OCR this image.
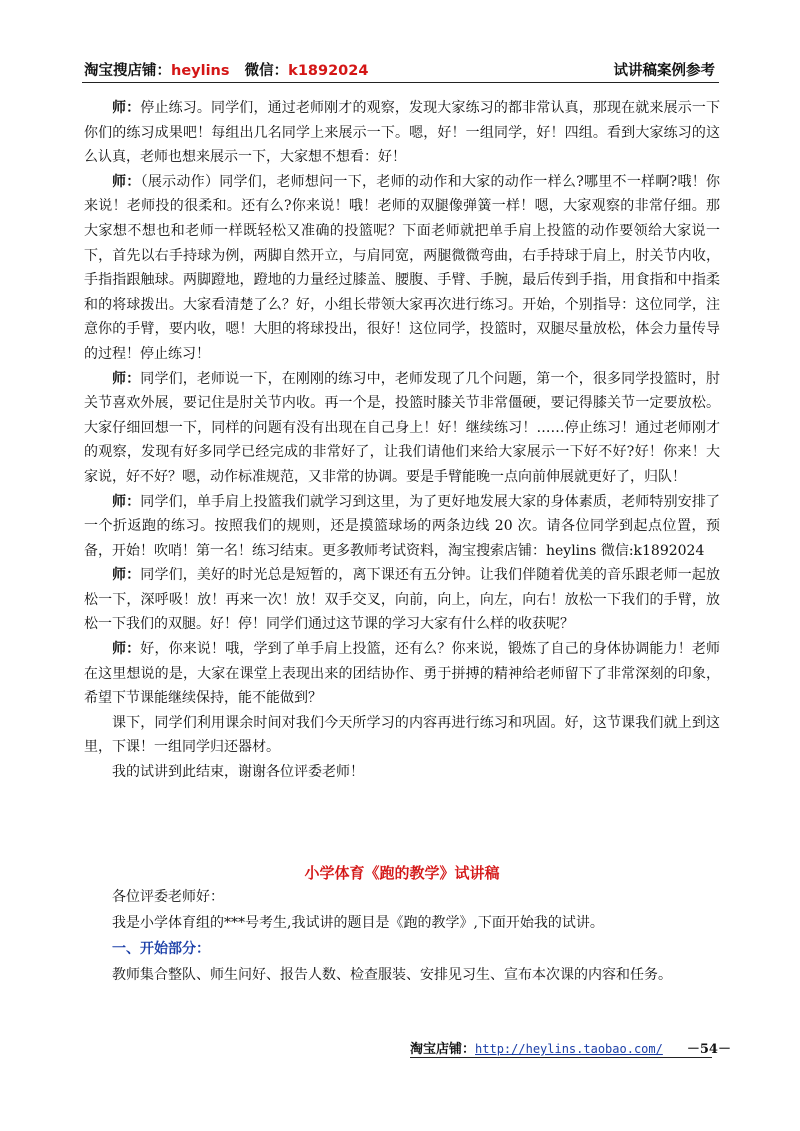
淘宝搜店铺：heylins 微信：k1892024	试讲稿案例参考

师：停止练习。同学们，通过老师刚才的观察，发现大家练习的都非常认真，那现在就来展示一下你们的练习成果吧！每组出几名同学上来展示一下。嗯，好！一组同学，好！四组。看到大家练习的这么认真，老师也想来展示一下，大家想不想看：好！

师：（展示动作）同学们，老师想问一下，老师的动作和大家的动作一样么?哪里不一样啊?哦！你来说！老师投的很柔和。还有么?你来说！哦！老师的双腿像弹簧一样！嗯，大家观察的非常仔细。那大家想不想也和老师一样既轻松又准确的投篮呢？下面老师就把单手肩上投篮的动作要领给大家说一下，首先以右手持球为例，两脚自然开立，与肩同宽，两腿微微弯曲，右手持球于肩上，肘关节内收，手指指跟触球。两脚蹬地，蹬地的力量经过膝盖、腰腹、手臂、手腕，最后传到手指，用食指和中指柔和的将球拨出。大家看清楚了么？好，小组长带领大家再次进行练习。开始，个别指导：这位同学，注意你的手臂，要内收，嗯！大胆的将球投出，很好！这位同学，投篮时，双腿尽量放松，体会力量传导的过程！停止练习！

师：同学们，老师说一下，在刚刚的练习中，老师发现了几个问题，第一个，很多同学投篮时，肘关节喜欢外展，要记住是肘关节内收。再一个是，投篮时膝关节非常僵硬，要记得膝关节一定要放松。大家仔细回想一下，同样的问题有没有出现在自己身上！好！继续练习！……停止练习！通过老师刚才的观察，发现有好多同学已经完成的非常好了，让我们请他们来给大家展示一下好不好?好！你来！大家说，好不好？嗯，动作标准规范，又非常的协调。要是手臂能晚一点向前伸展就更好了，归队！

师：同学们，单手肩上投篮我们就学习到这里，为了更好地发展大家的身体素质，老师特别安排了一个折返跑的练习。按照我们的规则，还是摸篮球场的两条边线 20 次。请各位同学到起点位置，预备，开始！吹哨！第一名！练习结束。更多教师考试资料，淘宝搜索店铺：heylins 微信:k1892024

师：同学们，美好的时光总是短暂的，离下课还有五分钟。让我们伴随着优美的音乐跟老师一起放松一下，深呼吸！放！再来一次！放！双手交叉，向前，向上，向左，向右！放松一下我们的手臂，放松一下我们的双腿。好！停！同学们通过这节课的学习大家有什么样的收获呢？

师：好，你来说！哦，学到了单手肩上投篮，还有么？你来说，锻炼了自己的身体协调能力！老师在这里想说的是，大家在课堂上表现出来的团结协作、勇于拼搏的精神给老师留下了非常深刻的印象，希望下节课能继续保持，能不能做到？

课下，同学们利用课余时间对我们今天所学习的内容再进行练习和巩固。好，这节课我们就上到这里，下课！一组同学归还器材。

我的试讲到此结束，谢谢各位评委老师！

小学体育《跑的教学》试讲稿

各位评委老师好：

我是小学体育组的***号考生,我试讲的题目是《跑的教学》,下面开始我的试讲。

一、开始部分：

教师集合整队、师生问好、报告人数、检查服装、安排见习生、宣布本次课的内容和任务。

淘宝店铺：http://heylins.taobao.com/ －54－
